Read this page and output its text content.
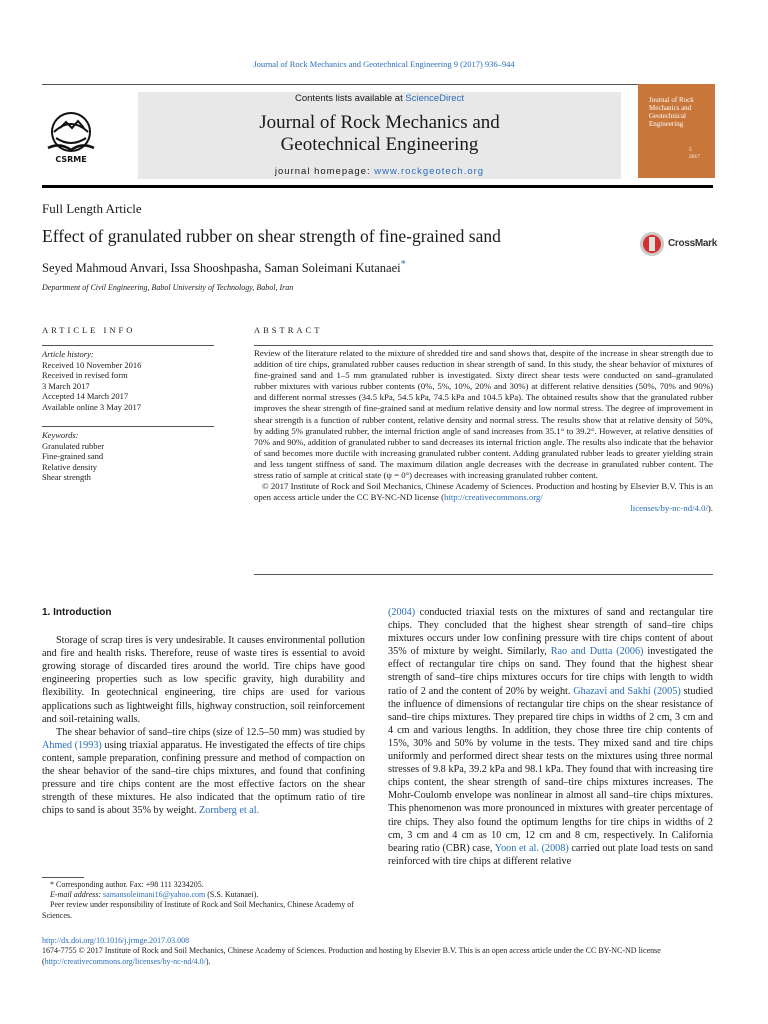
Journal of Rock Mechanics and Geotechnical Engineering 9 (2017) 936–944
Contents lists available at ScienceDirect
Journal of Rock Mechanics and
Geotechnical Engineering
journal homepage: www.rockgeotech.org
CSRME
Journal of Rock Mechanics and Geotechnical Engineering
5
2017
Full Length Article
Effect of granulated rubber on shear strength of fine-grained sand	CrossMark
Seyed Mahmoud Anvari, Issa Shooshpasha, Saman Soleimani Kutanaei*
Department of Civil Engineering, Babol University of Technology, Babol, Iran
ARTICLE INFO	ABSTRACT
Article history:
Received 10 November 2016
Received in revised form
3 March 2017
Accepted 14 March 2017
Available online 3 May 2017
Keywords:
Granulated rubber
Fine-grained sand
Relative density
Shear strength
Review of the literature related to the mixture of shredded tire and sand shows that, despite of the increase in shear strength due to addition of tire chips, granulated rubber causes reduction in shear strength of sand. In this study, the shear behavior of mixtures of fine-grained sand and 1–5 mm granulated rubber is investigated. Sixty direct shear tests were conducted on sand–granulated rubber mixtures with various rubber contents (0%, 5%, 10%, 20% and 30%) at different relative densities (50%, 70% and 90%) and different normal stresses (34.5 kPa, 54.5 kPa, 74.5 kPa and 104.5 kPa). The obtained results show that the granulated rubber improves the shear strength of fine-grained sand at medium relative density and low normal stress. The degree of improvement in shear strength is a function of rubber content, relative density and normal stress. The results show that at relative density of 50%, by adding 5% granulated rubber, the internal friction angle of sand increases from 35.1° to 39.2°. However, at relative densities of 70% and 90%, addition of granulated rubber to sand decreases its internal friction angle. The results also indicate that the behavior of sand becomes more ductile with increasing granulated rubber content. Adding granulated rubber leads to greater yielding strain and less tangent stiffness of sand. The maximum dilation angle decreases with the decrease in granulated rubber content. The stress ratio of sample at critical state (ψ = 0°) decreases with increasing granulated rubber content.
© 2017 Institute of Rock and Soil Mechanics, Chinese Academy of Sciences. Production and hosting by Elsevier B.V. This is an open access article under the CC BY-NC-ND license (http://creativecommons.org/
licenses/by-nc-nd/4.0/).
1. Introduction

Storage of scrap tires is very undesirable. It causes environmental pollution and fire and health risks. Therefore, reuse of waste tires is essential to avoid growing storage of discarded tires around the world. Tire chips have good engineering properties such as low specific gravity, high durability and flexibility. In geotechnical engineering, tire chips are used for various applications such as lightweight fills, highway construction, soil reinforcement and soil-retaining walls.

The shear behavior of sand–tire chips (size of 12.5–50 mm) was studied by Ahmed (1993) using triaxial apparatus. He investigated the effects of tire chips content, sample preparation, confining pressure and method of compaction on the shear behavior of the sand–tire chips mixtures, and found that confining pressure and tire chips content are the most effective factors on the shear strength of these mixtures. He also indicated that the optimum ratio of tire chips to sand is about 35% by weight. Zornberg et al.

(2004) conducted triaxial tests on the mixtures of sand and rectangular tire chips. They concluded that the highest shear strength of sand–tire chips mixtures occurs under low confining pressure with tire chips content of about 35% of mixture by weight. Similarly, Rao and Dutta (2006) investigated the effect of rectangular tire chips on sand. They found that the highest shear strength of sand–tire chips mixtures occurs for tire chips with length to width ratio of 2 and the content of 20% by weight. Ghazavi and Sakhi (2005) studied the influence of dimensions of rectangular tire chips on the shear resistance of sand–tire chips mixtures. They prepared tire chips in widths of 2 cm, 3 cm and 4 cm and various lengths. In addition, they chose three tire chip contents of 15%, 30% and 50% by volume in the tests. They mixed sand and tire chips uniformly and performed direct shear tests on the mixtures using three normal stresses of 9.8 kPa, 39.2 kPa and 98.1 kPa. They found that with increasing tire chips content, the shear strength of sand–tire chips mixtures increases. The Mohr-Coulomb envelope was nonlinear in almost all sand–tire chips mixtures. This phenomenon was more pronounced in mixtures with greater percentage of tire chips. They also found the optimum lengths for tire chips in widths of 2 cm, 3 cm and 4 cm as 10 cm, 12 cm and 8 cm, respectively. In California bearing ratio (CBR) case, Yoon et al. (2008) carried out plate load tests on sand reinforced with tire chips at different relative

* Corresponding author. Fax: +98 111 3234205.

E-mail address: samansoleimani16@yahoo.com (S.S. Kutanaei).

Peer review under responsibility of Institute of Rock and Soil Mechanics, Chinese Academy of Sciences.

http://dx.doi.org/10.1016/j.jrmge.2017.03.008
1674-7755 © 2017 Institute of Rock and Soil Mechanics, Chinese Academy of Sciences. Production and hosting by Elsevier B.V. This is an open access article under the CC BY-NC-ND license (http://creativecommons.org/licenses/by-nc-nd/4.0/).
